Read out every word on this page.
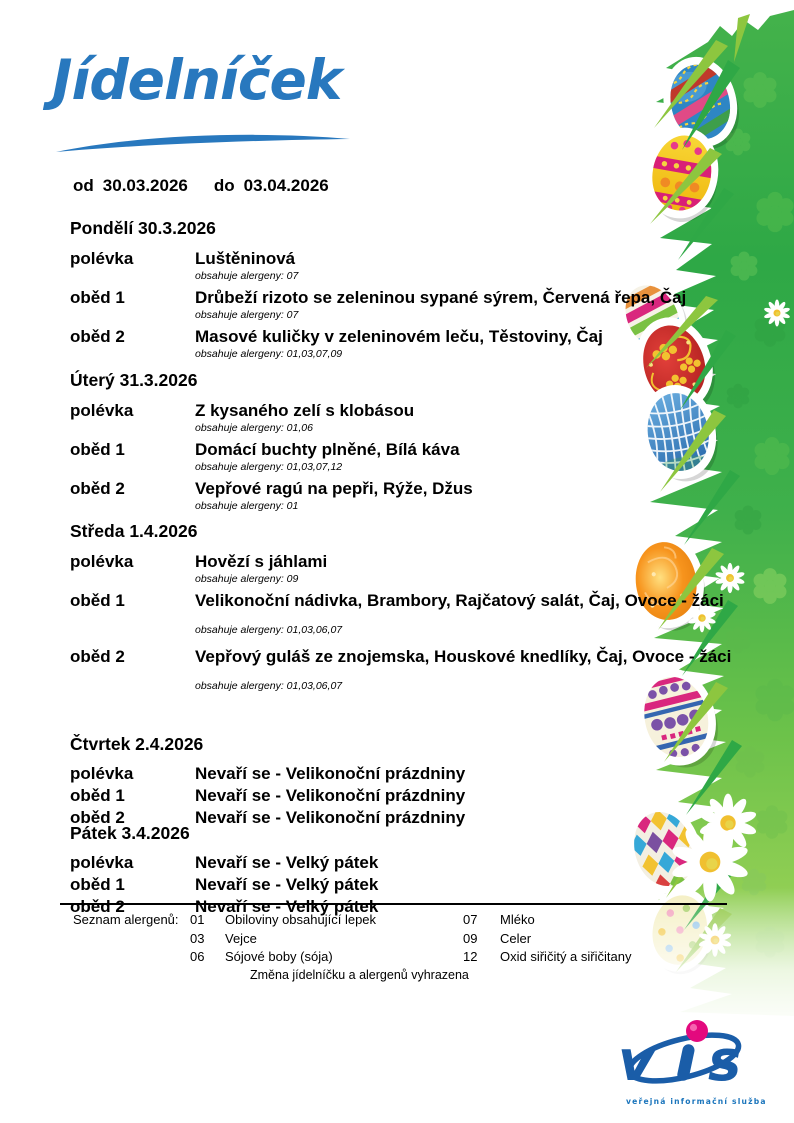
Jídelníček
od 30.03.2026 do 03.04.2026
Pondělí 30.3.2026
polévka	Luštěninová
obsahuje alergeny: 07
oběd 1	Drůbeží rizoto se zeleninou sypané sýrem, Červená řepa, Čaj
obsahuje alergeny: 07
oběd 2	Masové kuličky v zeleninovém leču, Těstoviny, Čaj
obsahuje alergeny: 01,03,07,09
Úterý 31.3.2026
polévka	Z kysaného zelí s klobásou
obsahuje alergeny: 01,06
oběd 1	Domácí buchty plněné, Bílá káva
obsahuje alergeny: 01,03,07,12
oběd 2	Vepřové ragú na pepři, Rýže, Džus
obsahuje alergeny: 01
Středa 1.4.2026
polévka	Hovězí s jáhlami
obsahuje alergeny: 09
oběd 1	Velikonoční nádivka, Brambory, Rajčatový salát, Čaj, Ovoce - žáci
obsahuje alergeny: 01,03,06,07
oběd 2	Vepřový guláš ze znojemska, Houskové knedlíky, Čaj, Ovoce - žáci
obsahuje alergeny: 01,03,06,07
Čtvrtek 2.4.2026
polévka	Nevaří se - Velikonoční prázdniny
oběd 1	Nevaří se - Velikonoční prázdniny
oběd 2	Nevaří se - Velikonoční prázdniny
Pátek 3.4.2026
polévka	Nevaří se - Velký pátek
oběd 1	Nevaří se - Velký pátek
oběd 2	Nevaří se - Velký pátek
Seznam alergenů: 01	Obiloviny obsahující lepek
03	Vejce
06	Sójové boby (sója)
07	Mléko
09	Celer
12	Oxid siřičitý a siřičitany
Změna jídelníčku a alergenů vyhrazena
v s
veřejná informační služba
